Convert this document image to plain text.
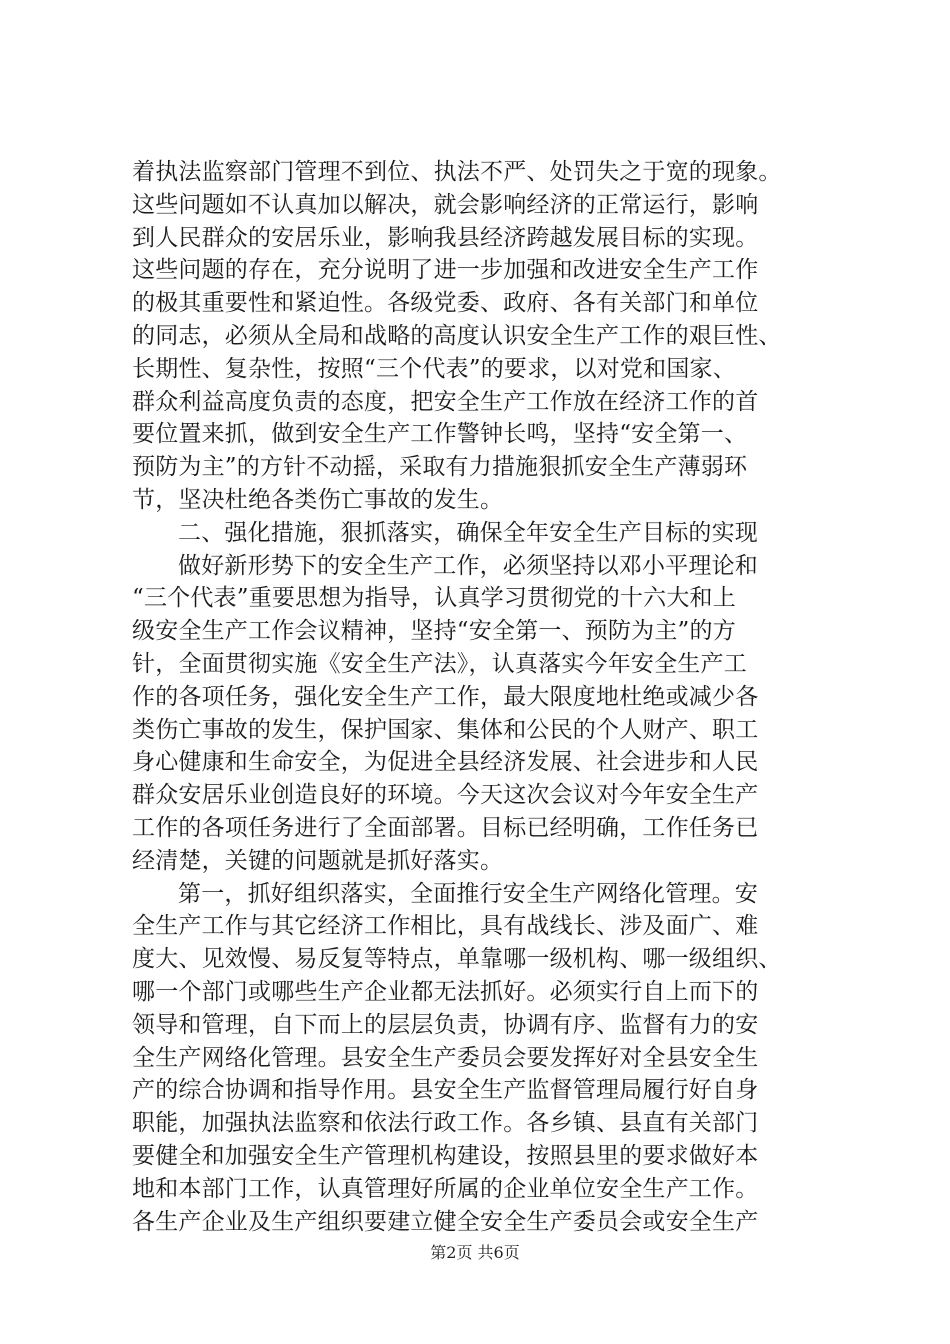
着执法监察部门管理不到位、执法不严、处罚失之于宽的现象。
这些问题如不认真加以解决，就会影响经济的正常运行，影响
到人民群众的安居乐业，影响我县经济跨越发展目标的实现。
这些问题的存在，充分说明了进一步加强和改进安全生产工作
的极其重要性和紧迫性。各级党委、政府、各有关部门和单位
的同志，必须从全局和战略的高度认识安全生产工作的艰巨性、
长期性、复杂性，按照“三个代表”的要求，以对党和国家、
群众利益高度负责的态度，把安全生产工作放在经济工作的首
要位置来抓，做到安全生产工作警钟长鸣，坚持“安全第一、
预防为主”的方针不动摇，采取有力措施狠抓安全生产薄弱环
节，坚决杜绝各类伤亡事故的发生。
二、强化措施，狠抓落实，确保全年安全生产目标的实现
做好新形势下的安全生产工作，必须坚持以邓小平理论和
“三个代表”重要思想为指导，认真学习贯彻党的十六大和上
级安全生产工作会议精神，坚持“安全第一、预防为主”的方
针，全面贯彻实施《安全生产法》，认真落实今年安全生产工
作的各项任务，强化安全生产工作，最大限度地杜绝或减少各
类伤亡事故的发生，保护国家、集体和公民的个人财产、职工
身心健康和生命安全，为促进全县经济发展、社会进步和人民
群众安居乐业创造良好的环境。今天这次会议对今年安全生产
工作的各项任务进行了全面部署。目标已经明确，工作任务已
经清楚，关键的问题就是抓好落实。
第一，抓好组织落实，全面推行安全生产网络化管理。安
全生产工作与其它经济工作相比，具有战线长、涉及面广、难
度大、见效慢、易反复等特点，单靠哪一级机构、哪一级组织、
哪一个部门或哪些生产企业都无法抓好。必须实行自上而下的
领导和管理，自下而上的层层负责，协调有序、监督有力的安
全生产网络化管理。县安全生产委员会要发挥好对全县安全生
产的综合协调和指导作用。县安全生产监督管理局履行好自身
职能，加强执法监察和依法行政工作。各乡镇、县直有关部门
要健全和加强安全生产管理机构建设，按照县里的要求做好本
地和本部门工作，认真管理好所属的企业单位安全生产工作。
各生产企业及生产组织要建立健全安全生产委员会或安全生产
第2页 共6页
